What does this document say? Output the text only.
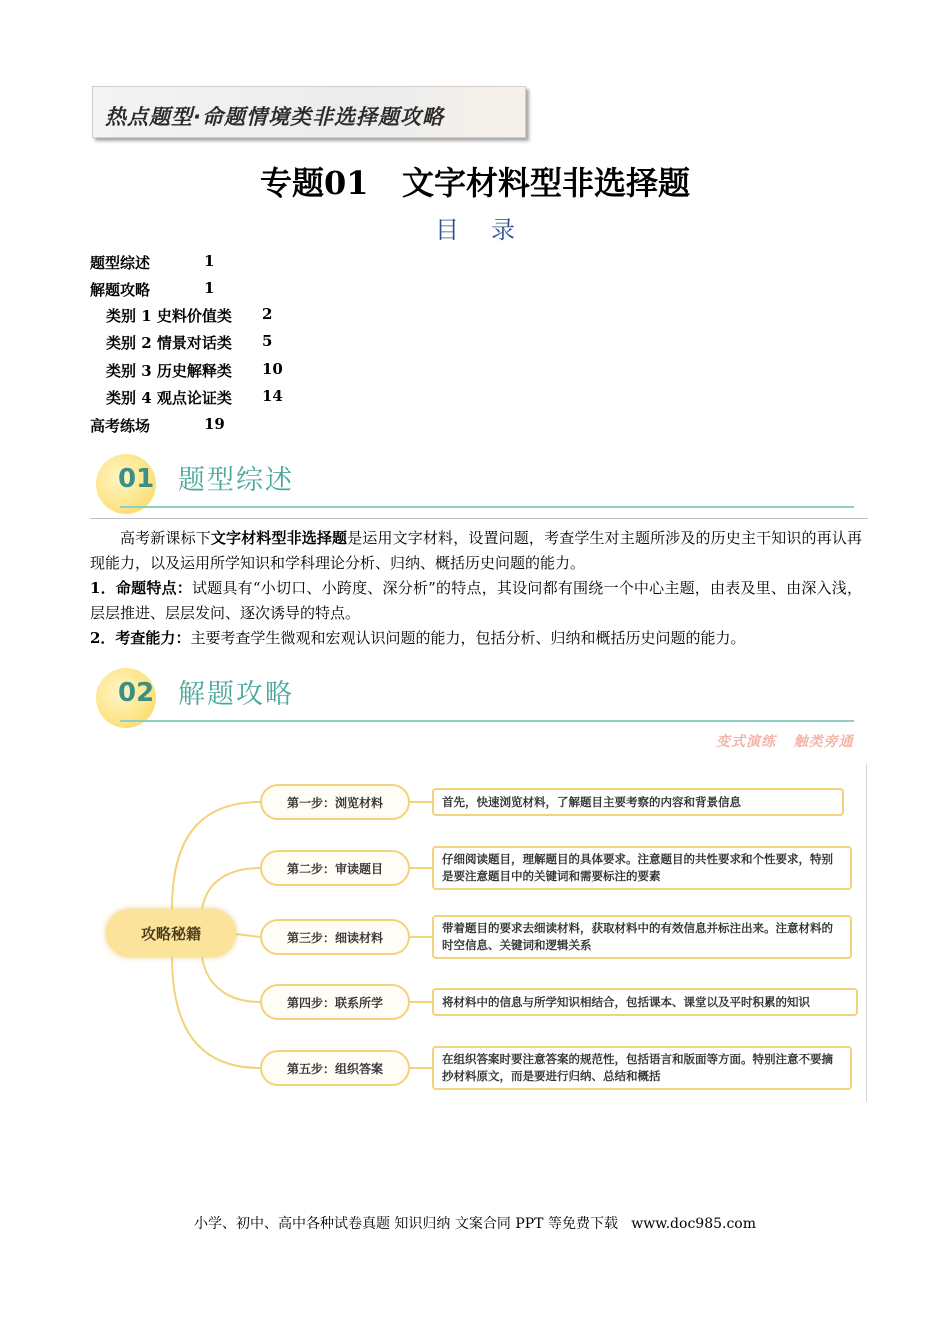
热点题型·命题情境类非选择题攻略
专题01   文字材料型非选择题
目录
题型综述	1
解题攻略	1
类别 1 史料价值类 2
类别 2 情景对话类 5
类别 3 历史解释类 10
类别 4 观点论证类 14
高考练场	19
01 题型综述
高考新课标下文字材料型非选择题是运用文字材料，设置问题，考查学生对主题所涉及的历史主干知识的再认再现能力，以及运用所学知识和学科理论分析、归纳、概括历史问题的能力。
1．命题特点：试题具有“小切口、小跨度、深分析”的特点，其设问都有围绕一个中心主题，由表及里、由深入浅，层层推进、层层发问、逐次诱导的特点。
2．考查能力：主要考查学生微观和宏观认识问题的能力，包括分析、归纳和概括历史问题的能力。
02 解题攻略
变式演练   触类旁通
攻略秘籍
第一步：浏览材料	首先，快速浏览材料，了解题目主要考察的内容和背景信息
第二步：审读题目
仔细阅读题目，理解题目的具体要求。注意题目的共性要求和个性要求，特别是要注意题目中的关键词和需要标注的要素
第三步：细读材料
带着题目的要求去细读材料，获取材料中的有效信息并标注出来。注意材料的时空信息、关键词和逻辑关系
第四步：联系所学	将材料中的信息与所学知识相结合，包括课本、课堂以及平时积累的知识
第五步：组织答案
在组织答案时要注意答案的规范性，包括语言和版面等方面。特别注意不要摘抄材料原文，而是要进行归纳、总结和概括
小学、初中、高中各种试卷真题 知识归纳 文案合同 PPT 等免费下载   www.doc985.com
